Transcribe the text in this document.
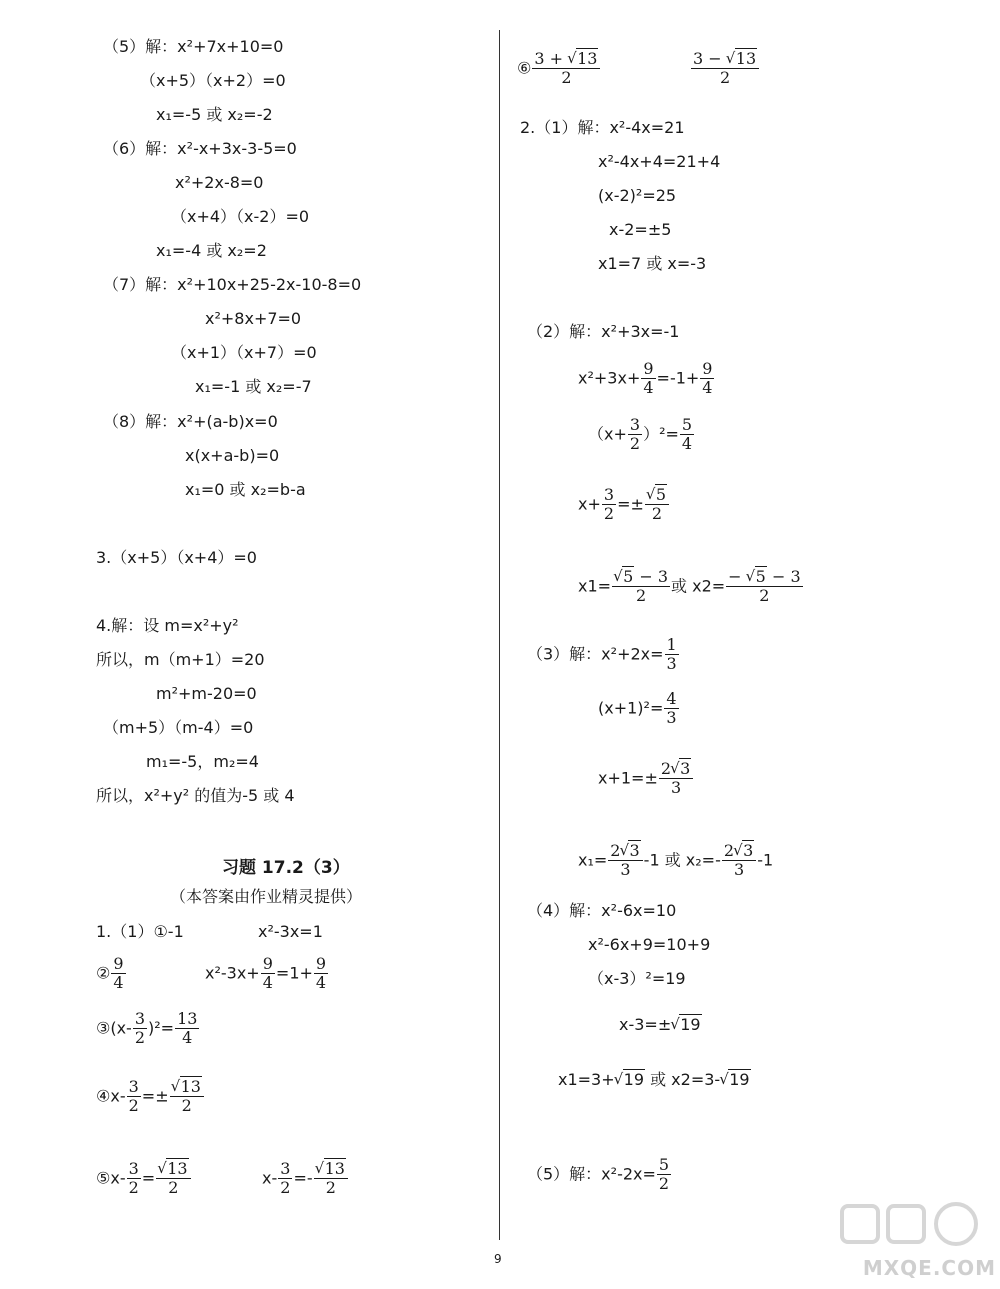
（5）解：x²+7x+10=0
（x+5）（x+2）=0
x₁=-5 或 x₂=-2
（6）解：x²-x+3x-3-5=0
x²+2x-8=0
（x+4）（x-2）=0
x₁=-4 或 x₂=2
（7）解：x²+10x+25-2x-10-8=0
x²+8x+7=0
（x+1）（x+7）=0
x₁=-1 或 x₂=-7
（8）解：x²+(a-b)x=0
x(x+a-b)=0
x₁=0 或 x₂=b-a
3.（x+5）（x+4）=0
4.解：设 m=x²+y²
所以，m（m+1）=20
m²+m-20=0
（m+5）（m-4）=0
m₁=-5，m₂=4
所以，x²+y² 的值为-5 或 4
习题 17.2（3）
（本答案由作业精灵提供）
1.（1）①-1	x²-3x=1
② $\frac{9}{4}$	$x^2-3x+ \frac{9}{4} =1+ \frac{9}{4}$
③(x- $\frac{3}{2} )^2= \frac{13}{4}$
④x- $\frac{3}{2}$ =± √ $\frac{13}{2}$
⑤x- $\frac{3}{2}$ = √ $\frac{13}{2}$	$x- \frac{3}{2}$ =- √ $\frac{13}{2}$
⑥ $\frac{3 + √ 13}{2}$	$\frac{3 - √ 13}{2}$
2.（1）解：x²-4x=21
x²-4x+4=21+4
(x-2)²=25
x-2=±5
x1=7 或 x=-3
（2）解：x²+3x=-1
$x^2+3x+ \frac{9}{4} =-1+ \frac{9}{4}$
$(x+ \frac{3}{2} )^2= \frac{5}{4}$
$x+ \frac{3}{2}$ =± √ $\frac{5}{2}$
x1= √ $\frac{5 - 3}{2}$ 或 $x2= \frac{- √ 5 - 3}{2}$
（3）解：$x^2+2x= \frac{1}{3}$
$(x+1)^2= \frac{4}{3}$
$x+1=\pm \frac{2 √ 3}{3}$
$x_1= \frac{2 √ 3}{3} -1$ 或 $x_2=- \frac{2 √ 3}{3} -1$
（4）解：x²-6x=10
x²-6x+9=10+9
（x-3）²=19
x-3=± √ 19
x1=3+ √ 19 或 x2=3- √ 19
（5）解：$x^2-2x= \frac{5}{2}$
9	MXQE.COM
